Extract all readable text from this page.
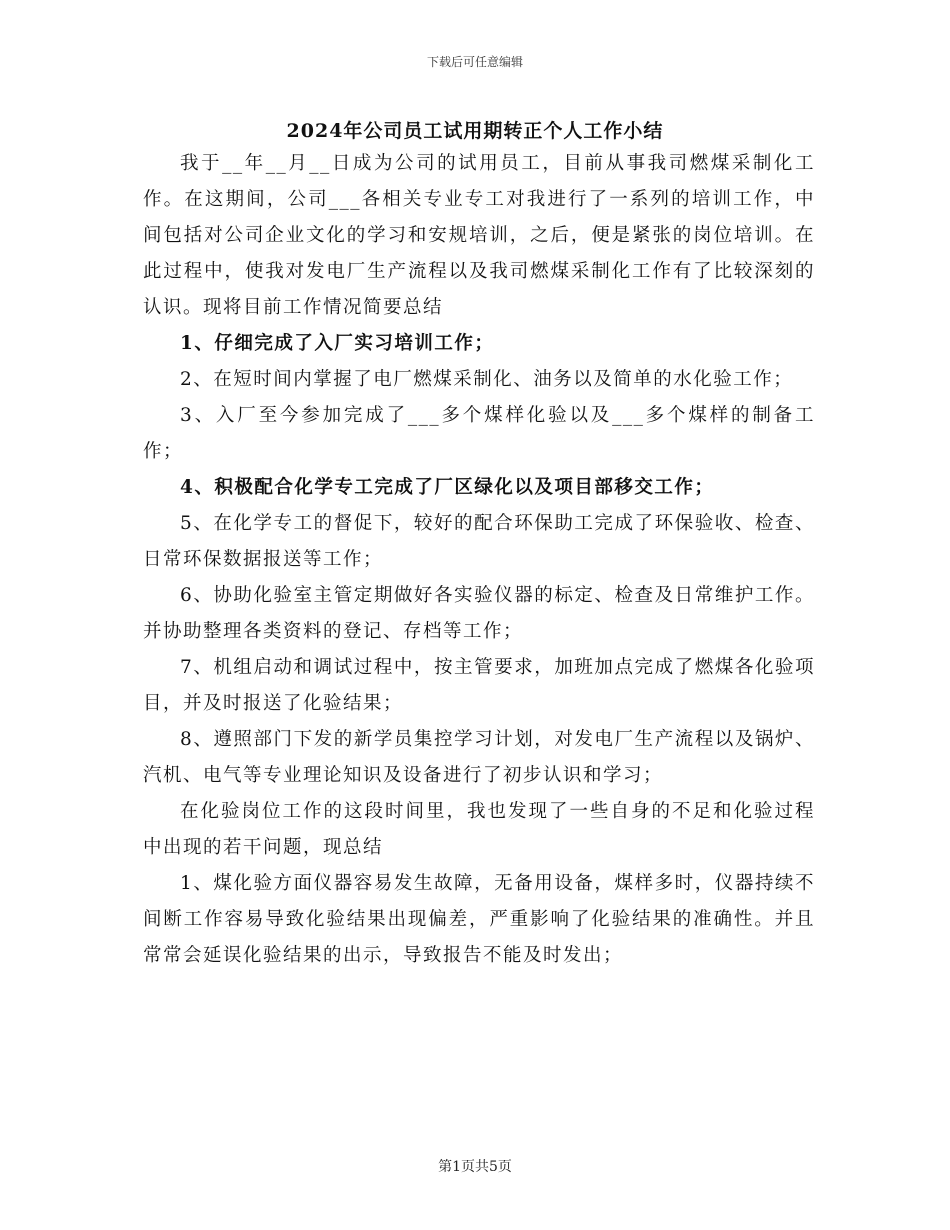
下载后可任意编辑
2024年公司员工试用期转正个人工作小结

我于__年__月__日成为公司的试用员工，目前从事我司燃煤采制化工作。在这期间，公司___各相关专业专工对我进行了一系列的培训工作，中间包括对公司企业文化的学习和安规培训，之后，便是紧张的岗位培训。在此过程中，使我对发电厂生产流程以及我司燃煤采制化工作有了比较深刻的认识。现将目前工作情况简要总结

1、仔细完成了入厂实习培训工作；

2、在短时间内掌握了电厂燃煤采制化、油务以及简单的水化验工作；

3、入厂至今参加完成了___多个煤样化验以及___多个煤样的制备工作；

4、积极配合化学专工完成了厂区绿化以及项目部移交工作；

5、在化学专工的督促下，较好的配合环保助工完成了环保验收、检查、日常环保数据报送等工作；

6、协助化验室主管定期做好各实验仪器的标定、检查及日常维护工作。并协助整理各类资料的登记、存档等工作；

7、机组启动和调试过程中，按主管要求，加班加点完成了燃煤各化验项目，并及时报送了化验结果；

8、遵照部门下发的新学员集控学习计划，对发电厂生产流程以及锅炉、汽机、电气等专业理论知识及设备进行了初步认识和学习；

在化验岗位工作的这段时间里，我也发现了一些自身的不足和化验过程中出现的若干问题，现总结

1、煤化验方面仪器容易发生故障，无备用设备，煤样多时，仪器持续不间断工作容易导致化验结果出现偏差，严重影响了化验结果的准确性。并且常常会延误化验结果的出示，导致报告不能及时发出；

第1页共5页
